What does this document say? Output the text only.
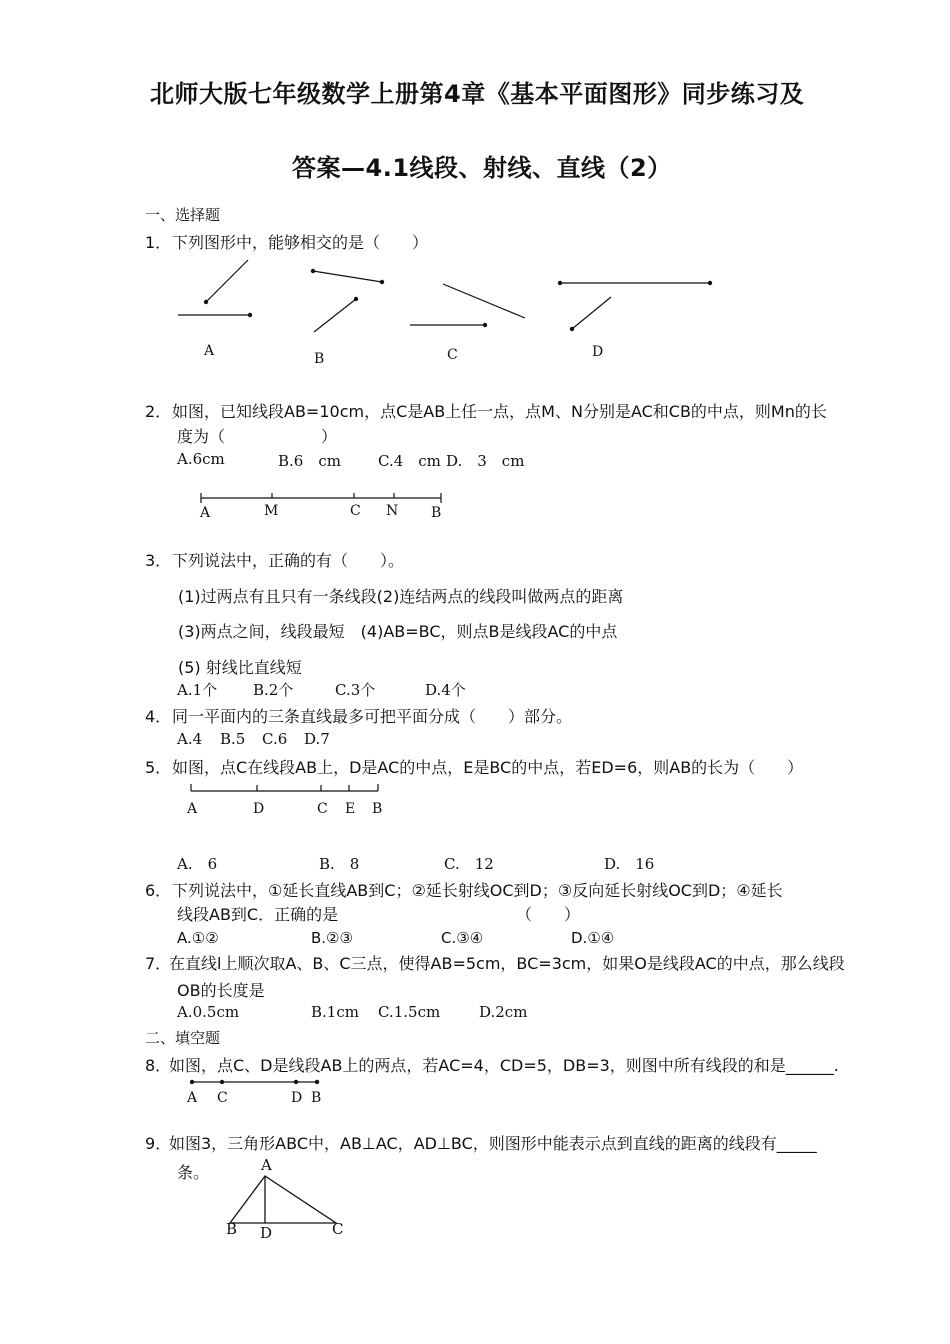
北师大版七年级数学上册第4章《基本平面图形》同步练习及
答案—4.1线段、射线、直线（2）
一、选择题
1． 下列图形中，能够相交的是（　　）
A	B	C	D
2． 如图，已知线段AB=10cm，点C是AB上任一点，点M、N分别是AC和CB的中点，则Mn的长
度为（　　　　　　）
A.6cm	B.6　cm C.4　cm D.　3　cm
A	M	C N B
3． 下列说法中，正确的有（　　）。
(1)过两点有且只有一条线段(2)连结两点的线段叫做两点的距离
(3)两点之间，线段最短　(4)AB=BC，则点B是线段AC的中点
(5) 射线比直线短
A.1个 B.2个	C.3个	D.4个
4． 同一平面内的三条直线最多可把平面分成（　　）部分。
A.4 B.5 C.6 D.7
5． 如图，点C在线段AB上，D是AC的中点，E是BC的中点，若ED=6，则AB的长为（　　）
A	D	C E B
A.　6	B.　8	C.　12	D.　16
6． 下列说法中，①延长直线AB到C；②延长射线OC到D；③反向延长射线OC到D；④延长
线段AB到C．正确的是	（　　）
A.①②	B.②③	C.③④	D.①④
7．
在直线l上顺次取A、B、C三点，使得AB=5cm，BC=3cm，如果O是线段AC的中点，那么线段
OB的长度是
A.0.5cm	B.1cm C.1.5cm	D.2cm
二、填空题
8．
如图，点C、D是线段AB上的两点，若AC=4，CD=5，DB=3，则图中所有线段的和是______.
A C	D B
9．
如图3，三角形ABC中，AB⊥AC，AD⊥BC，则图形中能表示点到直线的距离的线段有_____
条。	A
B D	C
